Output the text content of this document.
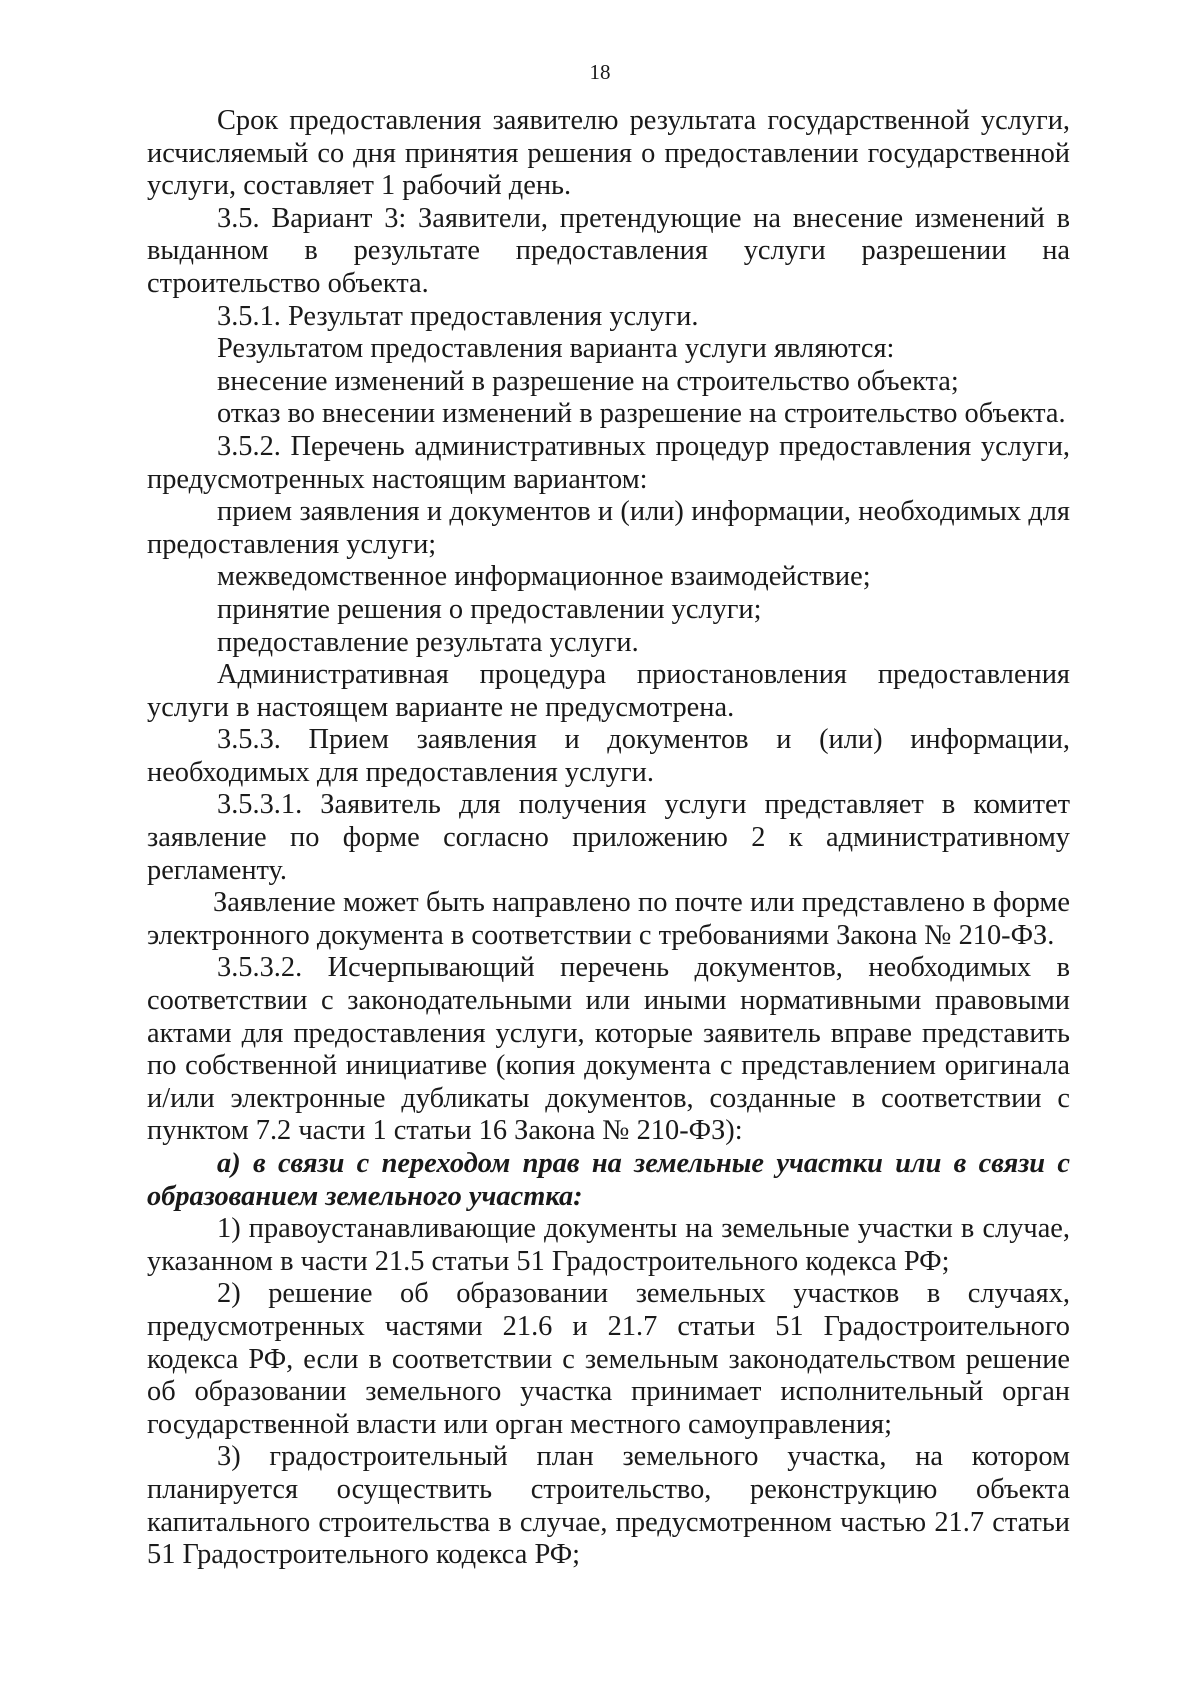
18

Срок предоставления заявителю результата государственной услуги, исчисляемый со дня принятия решения о предоставлении государственной услуги, составляет 1 рабочий день.

3.5. Вариант 3: Заявители, претендующие на внесение изменений в выданном в результате предоставления услуги разрешении на строительство объекта.

3.5.1. Результат предоставления услуги.

Результатом предоставления варианта услуги являются:

внесение изменений в разрешение на строительство объекта;

отказ во внесении изменений в разрешение на строительство объекта.

3.5.2. Перечень административных процедур предоставления услуги, предусмотренных настоящим вариантом:

прием заявления и документов и (или) информации, необходимых для предоставления услуги;

межведомственное информационное взаимодействие;

принятие решения о предоставлении услуги;

предоставление результата услуги.

Административная процедура приостановления предоставления услуги в настоящем варианте не предусмотрена.

3.5.3. Прием заявления и документов и (или) информации, необходимых для предоставления услуги.

3.5.3.1. Заявитель для получения услуги представляет в комитет заявление по форме согласно приложению 2 к административному регламенту.

Заявление может быть направлено по почте или представлено в форме электронного документа в соответствии с требованиями Закона № 210-ФЗ.

3.5.3.2. Исчерпывающий перечень документов, необходимых в соответствии с законодательными или иными нормативными правовыми актами для предоставления услуги, которые заявитель вправе представить по собственной инициативе (копия документа с представлением оригинала и/или электронные дубликаты документов, созданные в соответствии с пунктом 7.2 части 1 статьи 16 Закона № 210-ФЗ):

а) в связи с переходом прав на земельные участки или в связи с образованием земельного участка:

1) правоустанавливающие документы на земельные участки в случае, указанном в части 21.5 статьи 51 Градостроительного кодекса РФ;

2) решение об образовании земельных участков в случаях, предусмотренных частями 21.6 и 21.7 статьи 51 Градостроительного кодекса РФ, если в соответствии с земельным законодательством решение об образовании земельного участка принимает исполнительный орган государственной власти или орган местного самоуправления;

3) градостроительный план земельного участка, на котором планируется осуществить строительство, реконструкцию объекта капитального строительства в случае, предусмотренном частью 21.7 статьи 51 Градостроительного кодекса РФ;
